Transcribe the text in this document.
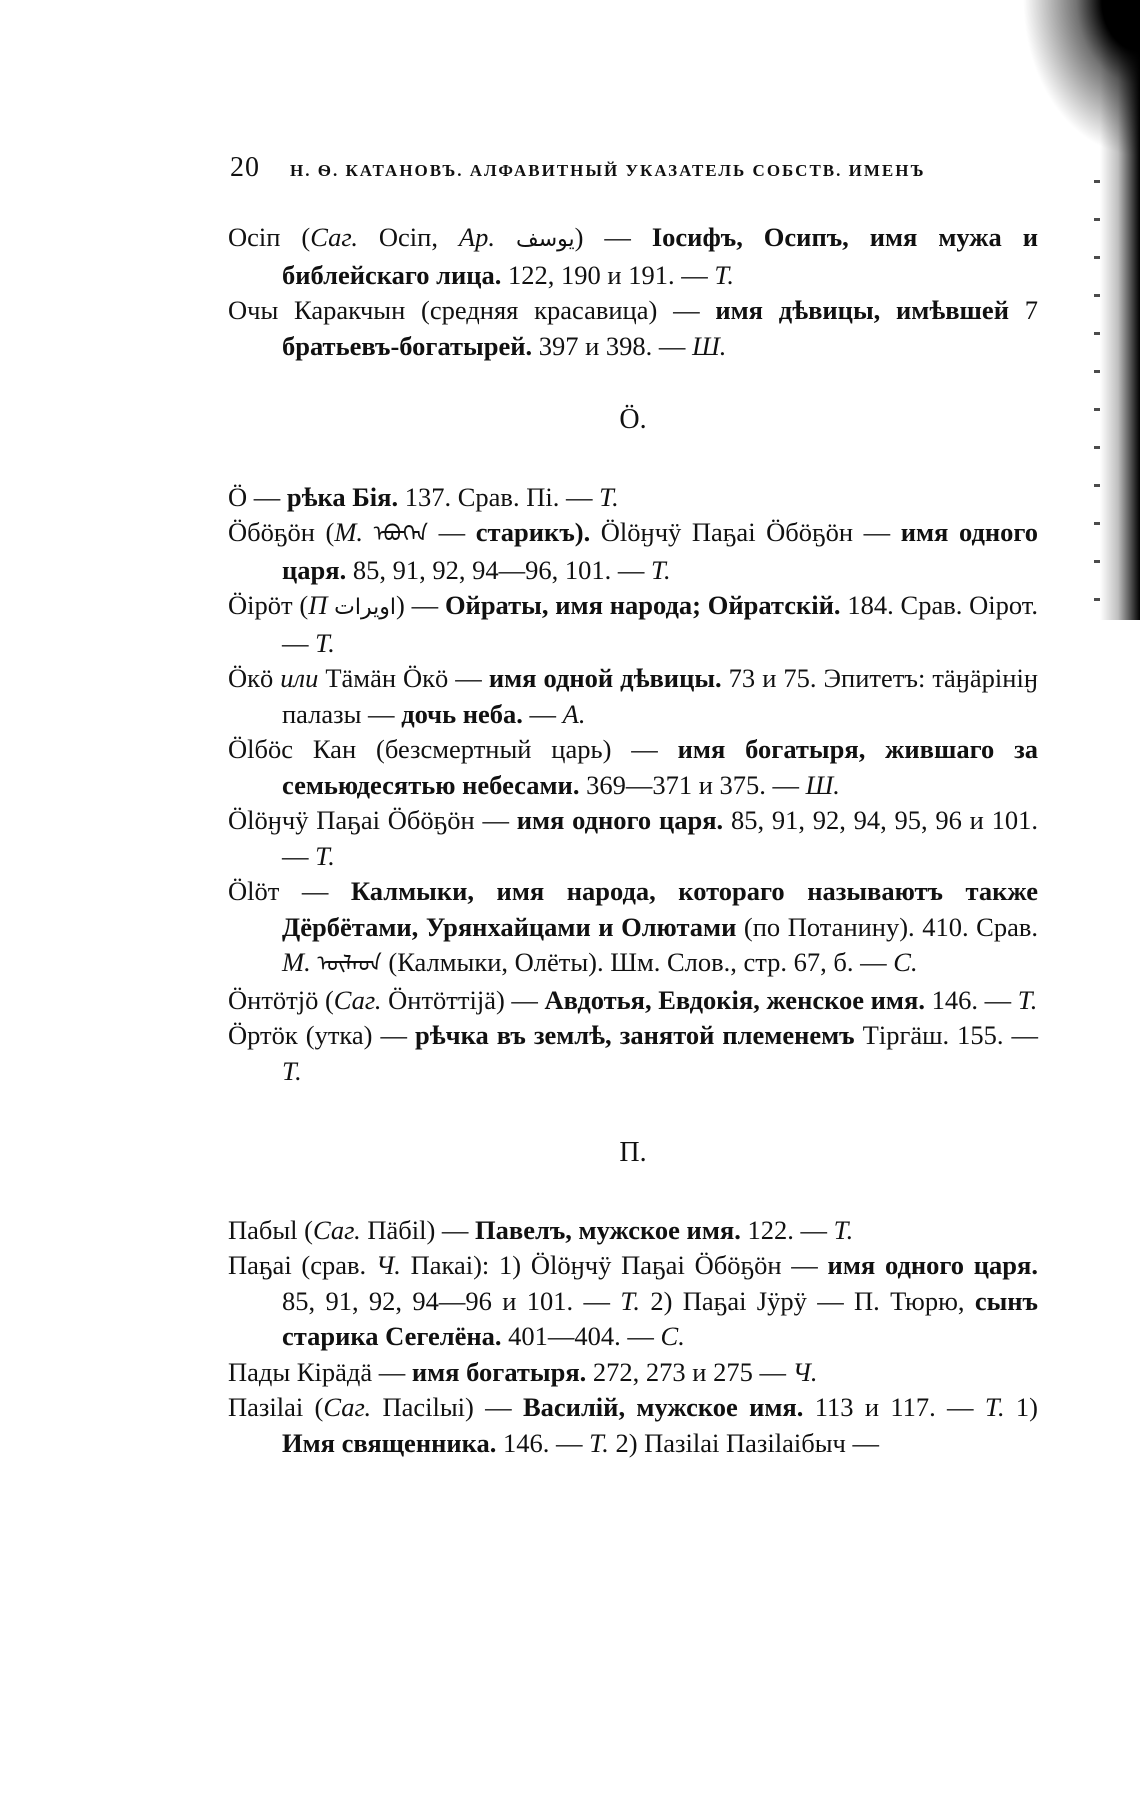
20 Н. Ѳ. КАТАНОВЪ. АЛФАВИТНЫЙ УКАЗАТЕЛЬ СОБСТВ. ИМЕНЪ

Осіп (Саг. Осіп, Ар. يوسف) — Іосифъ, Осипъ, имя мужа и библейскаго лица. 122, 190 и 191. — Т.

Очы Каракчын (средняя красавица) — имя дѣвицы, имѣвшей 7 братьевъ-богатырей. 397 и 398. — Ш.

Ö.

Ӧ — рѣка Бія. 137. Срав. Пі. — Т.

Ӧбӧҕӧн (М. ᠡᠪᠦᠭᠡᠨ — старикъ). Ӧlӧӈчӱ Паҕаі Ӧбӧҕӧн — имя одного царя. 85, 91, 92, 94—96, 101. — Т.

Ӧірӧт (П اویرات) — Ойраты, имя народа; Ойратскій. 184. Срав. Оірот. — Т.

Ӧкӧ или Тӓмӓн Ӧкӧ — имя одной дѣвицы. 73 и 75. Эпитетъ: тӓӈӓрініӈ палазы — дочь неба. — А.

Ӧlбӧс Кан (безсмертный царь) — имя богатыря, жившаго за семьюдесятью небесами. 369—371 и 375. — Ш.

Ӧlӧӈчӱ Паҕаі Ӧбӧҕӧн — имя одного царя. 85, 91, 92, 94, 95, 96 и 101. — Т.

Ӧlӧт — Калмыки, имя народа, котораго называютъ также Дёрбётами, Урянхайцами и Олютами (по Потанину). 410. Срав. М. ᠥᠯᠡᠳ (Калмыки, Олёты). Шм. Слов., стр. 67, б. — С.

Ӧнтӧтјӧ (Саг. Ӧнтӧттіјӓ) — Авдотья, Евдокія, женское имя. 146. — Т.

Ӧртӧк (утка) — рѣчка въ землѣ, занятой племенемъ Тіргӓш. 155. — Т.

П.

Пабыl (Саг. Пӓбіl) — Павелъ, мужское имя. 122. — Т.

Паҕаі (срав. Ч. Пакаі): 1) Ӧlӧӈчӱ Паҕаі Ӧбӧҕӧн — имя одного царя. 85, 91, 92, 94—96 и 101. — Т. 2) Паҕаі Јӱрӱ — П. Тюрю, сынъ старика Сегелёна. 401—404. — С.

Пады Кірӓдӓ — имя богатыря. 272, 273 и 275 — Ч.

Пазіlаі (Саг. Пасіlыі) — Василій, мужское имя. 113 и 117. — Т. 1) Имя священника. 146. — Т. 2) Пазіlаі Пазіlаібыч —
